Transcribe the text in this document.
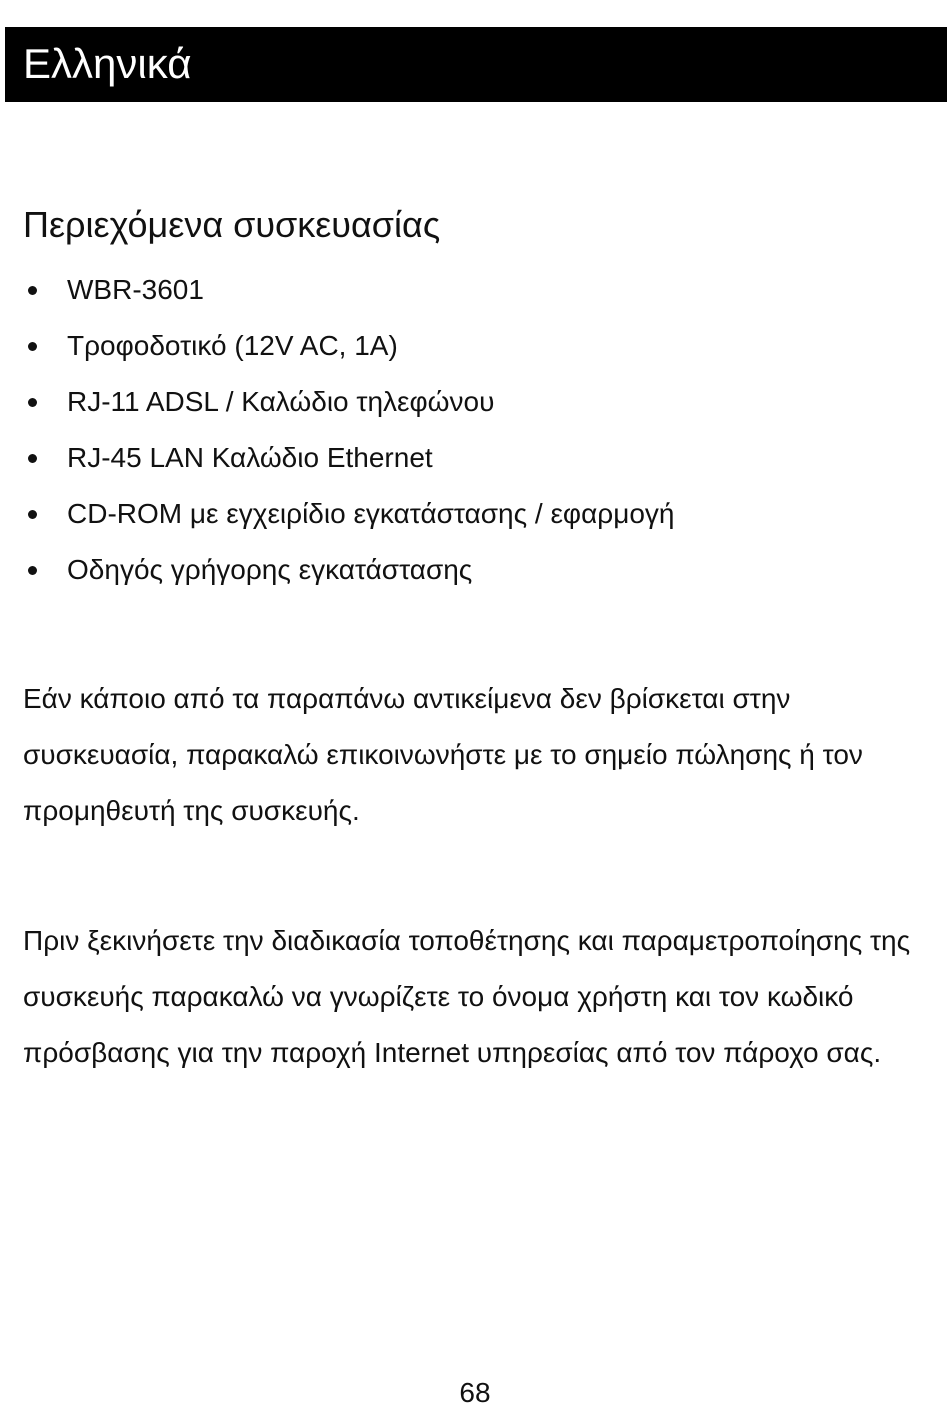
Ελληνικά
Περιεχόμενα συσκευασίας
WBR-3601
Τροφοδοτικό (12V AC, 1A)
RJ-11 ADSL / Καλώδιο τηλεφώνου
RJ-45 LAN Καλώδιο Ethernet
CD-ROM με εγχειρίδιο εγκατάστασης / εφαρμογή
Οδηγός γρήγορης εγκατάστασης

Εάν κάποιο από τα παραπάνω αντικείμενα δεν βρίσκεται στην συσκευασία, παρακαλώ επικοινωνήστε με το σημείο πώλησης ή τον προμηθευτή της συσκευής.

Πριν ξεκινήσετε την διαδικασία τοποθέτησης και παραμετροποίησης της συσκευής παρακαλώ να γνωρίζετε το όνομα χρήστη και τον κωδικό πρόσβασης για την παροχή Internet υπηρεσίας από τον πάροχο σας.

68
